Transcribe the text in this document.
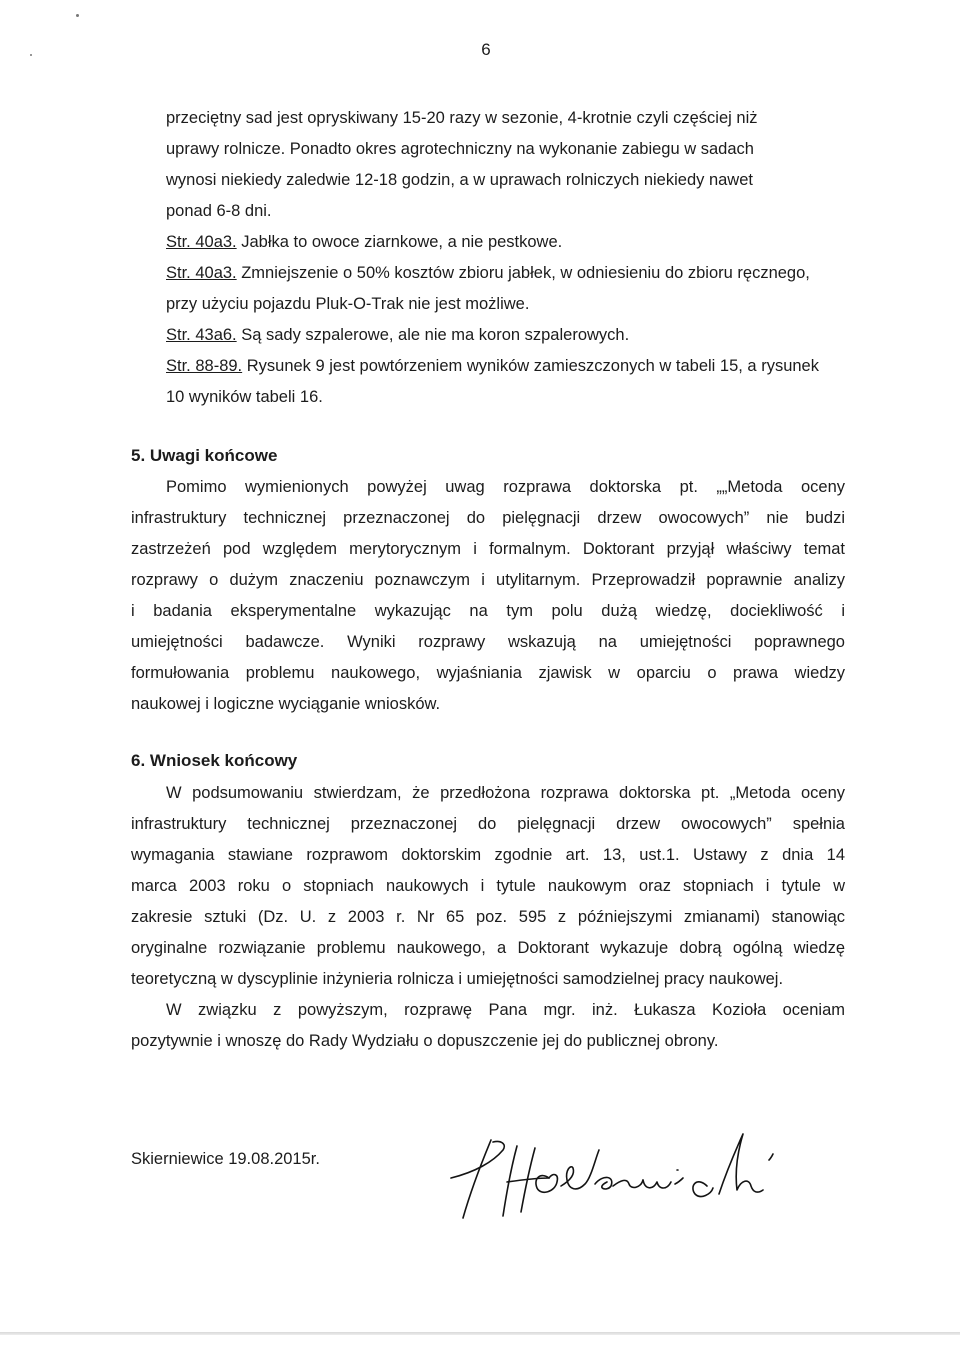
6
przeciętny sad jest opryskiwany 15-20 razy w sezonie, 4-krotnie czyli częściej niż
uprawy rolnicze. Ponadto okres agrotechniczny na wykonanie zabiegu w sadach
wynosi niekiedy zaledwie 12-18 godzin, a w uprawach rolniczych niekiedy nawet
ponad 6-8 dni.
Str. 40a3. Jabłka to owoce ziarnkowe, a nie pestkowe.
Str. 40a3. Zmniejszenie o 50% kosztów zbioru jabłek, w odniesieniu do zbioru ręcznego,
przy użyciu pojazdu Pluk-O-Trak nie jest możliwe.
Str. 43a6. Są sady szpalerowe, ale nie ma koron szpalerowych.
Str. 88-89. Rysunek 9 jest powtórzeniem wyników zamieszczonych w tabeli 15, a rysunek
10 wyników tabeli 16.
5. Uwagi końcowe
Pomimo wymienionych powyżej uwag rozprawa doktorska pt. „„Metoda oceny
infrastruktury technicznej przeznaczonej do pielęgnacji drzew owocowych” nie budzi
zastrzeżeń pod względem merytorycznym i formalnym. Doktorant przyjął właściwy temat
rozprawy o dużym znaczeniu poznawczym i utylitarnym. Przeprowadził poprawnie analizy
i badania eksperymentalne wykazując na tym polu dużą wiedzę, dociekliwość i
umiejętności badawcze. Wyniki rozprawy wskazują na umiejętności poprawnego
formułowania problemu naukowego, wyjaśniania zjawisk w oparciu o prawa wiedzy
naukowej i logiczne wyciąganie wniosków.
6. Wniosek końcowy
W podsumowaniu stwierdzam, że przedłożona rozprawa doktorska pt. „Metoda oceny
infrastruktury technicznej przeznaczonej do pielęgnacji drzew owocowych” spełnia
wymagania stawiane rozprawom doktorskim zgodnie art. 13, ust.1. Ustawy z dnia 14
marca 2003 roku o stopniach naukowych i tytule naukowym oraz stopniach i tytule w
zakresie sztuki (Dz. U. z 2003 r. Nr 65 poz. 595 z późniejszymi zmianami) stanowiąc
oryginalne rozwiązanie problemu naukowego, a Doktorant wykazuje dobrą ogólną wiedzę
teoretyczną w dyscyplinie inżynieria rolnicza i umiejętności samodzielnej pracy naukowej.
W związku z powyższym, rozprawę Pana mgr. inż. Łukasza Kozioła oceniam
pozytywnie i wnoszę do Rady Wydziału o dopuszczenie jej do publicznej obrony.
Skierniewice 19.08.2015r.
